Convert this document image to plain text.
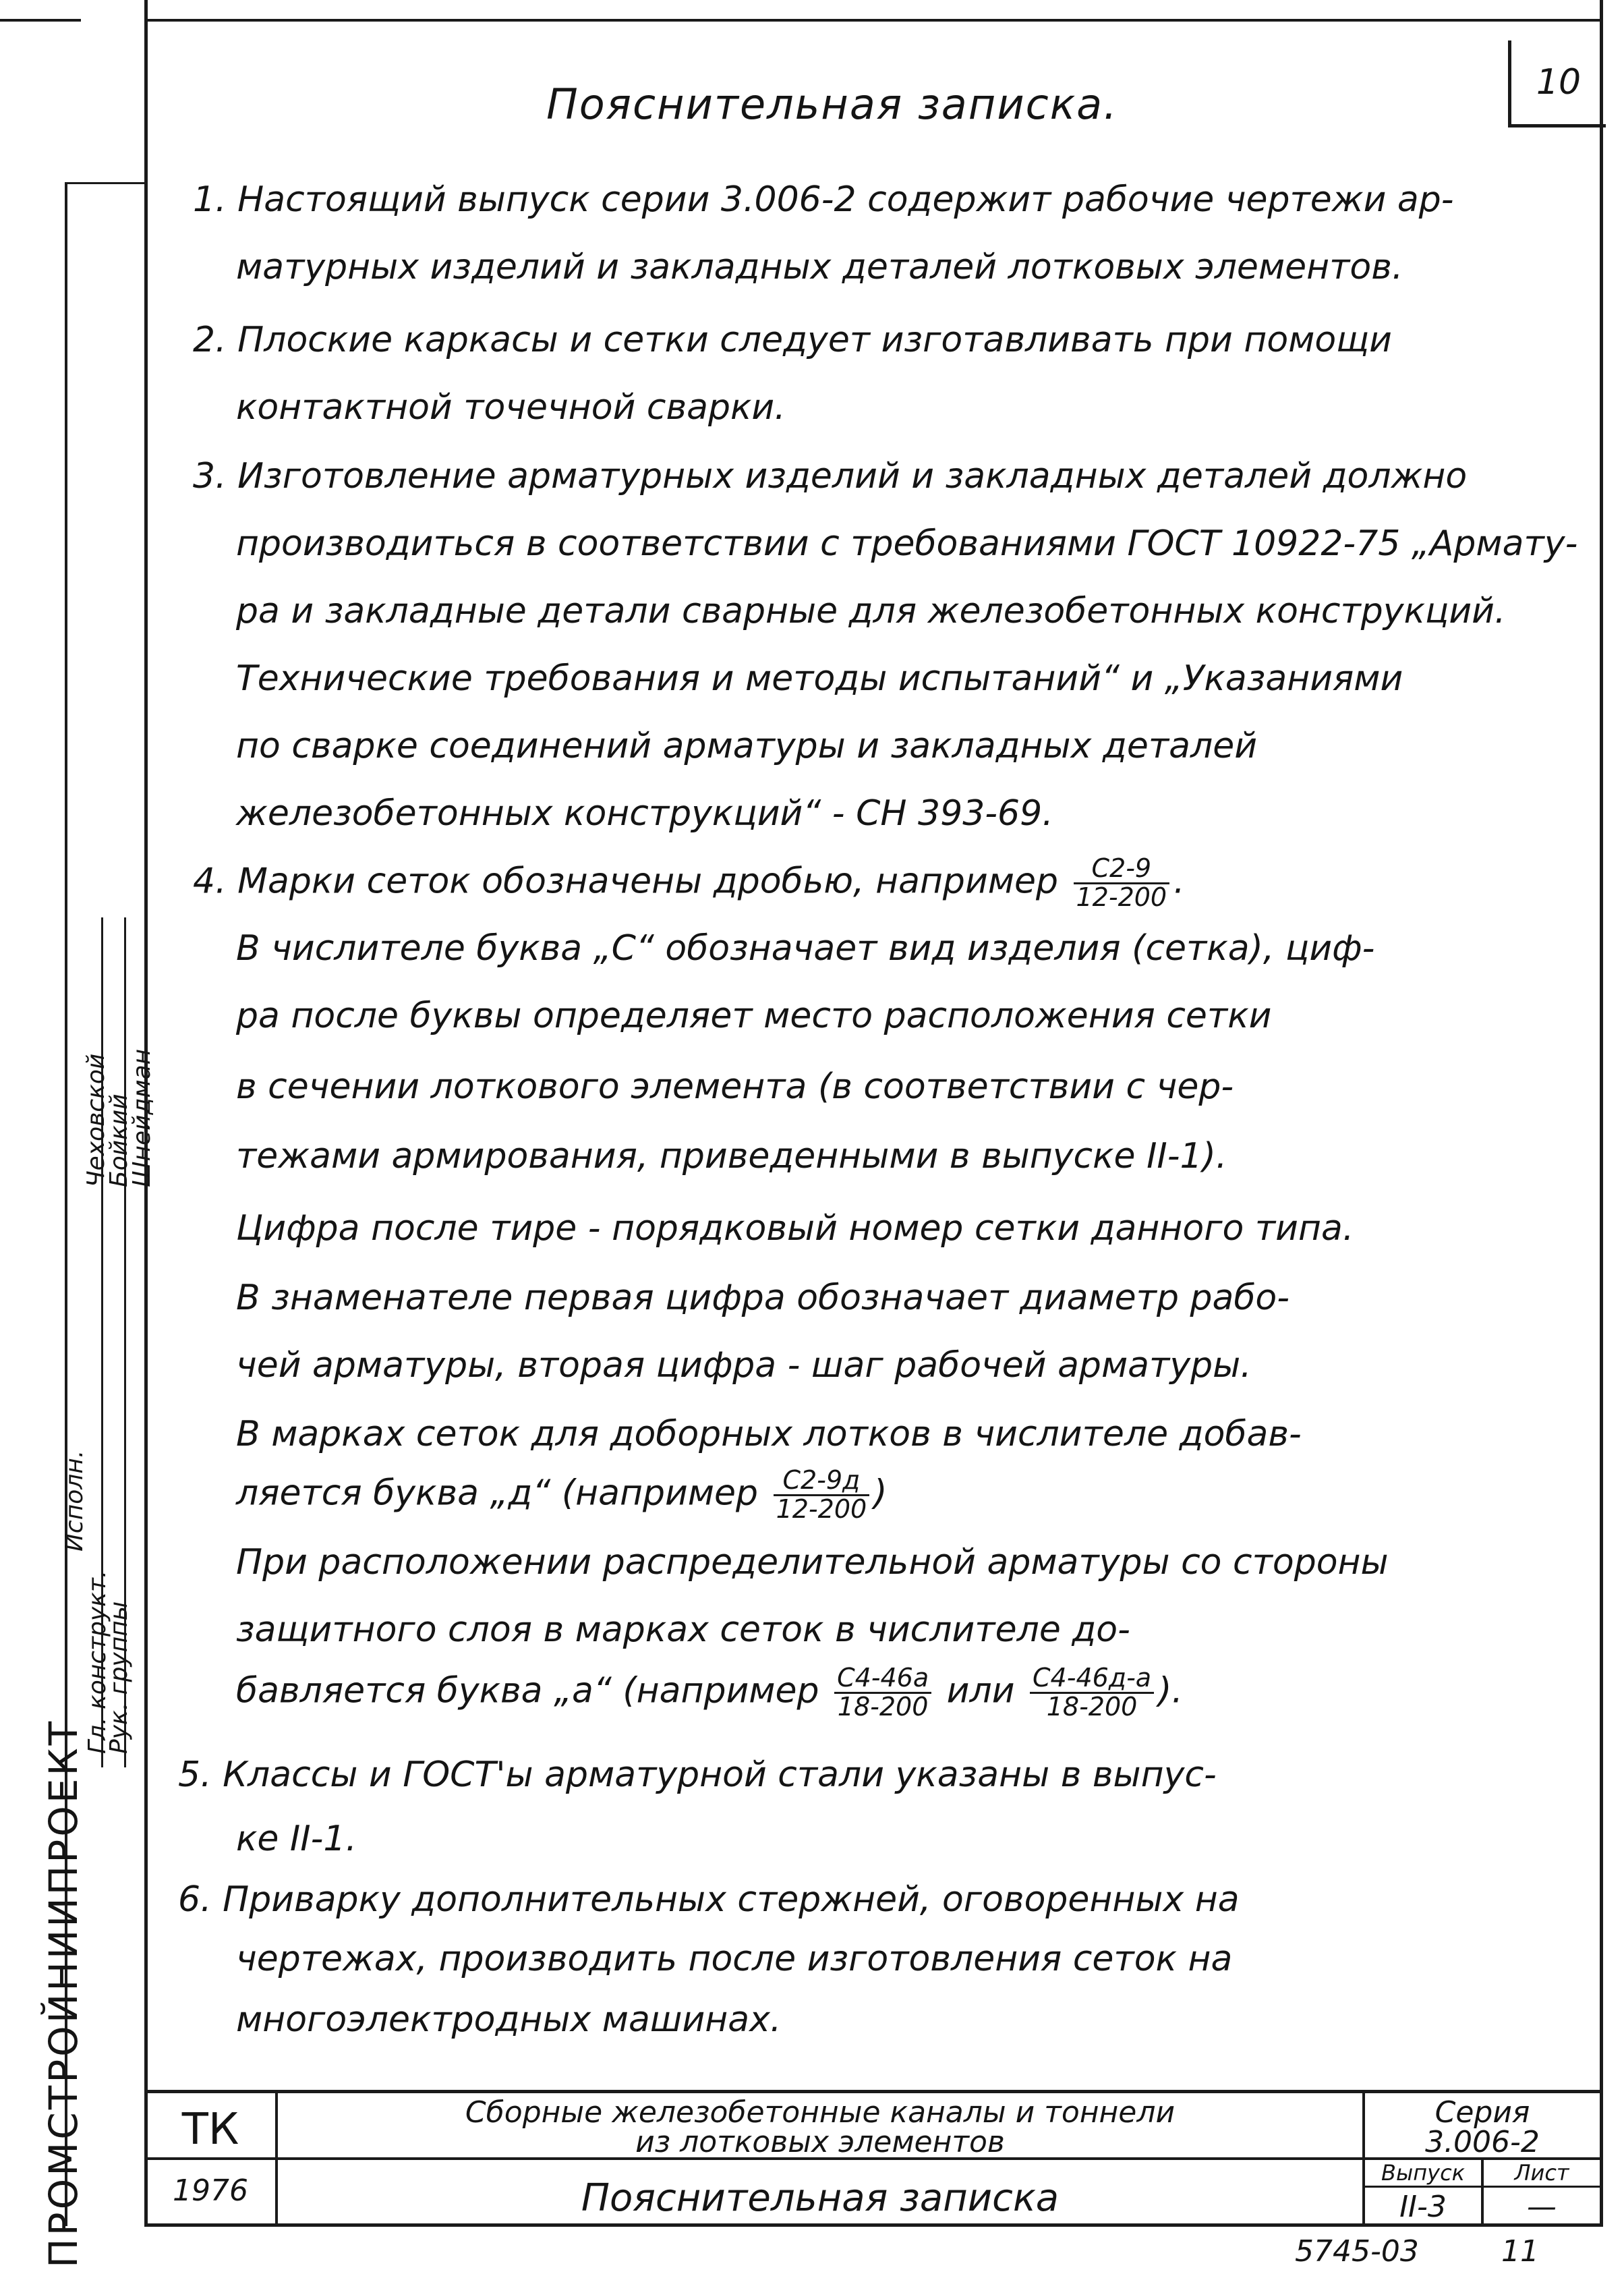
10
Пояснительная записка.
1. Настоящий выпуск серии 3.006-2 содержит рабочие чертежи ар-
матурных изделий и закладных деталей лотковых элементов.
2. Плоские каркасы и сетки следует изготавливать при помощи
контактной точечной сварки.
3. Изготовление арматурных изделий и закладных деталей должно
производиться в соответствии с требованиями ГОСТ 10922-75 „Армату-
ра и закладные детали сварные для железобетонных конструкций.
Технические требования и методы испытаний“ и „Указаниями
по сварке соединений арматуры и закладных деталей
железобетонных конструкций“ - СН 393-69.
4. Марки сеток обозначены дробью, например $\frac{С2-9}{12-200}$ .
В числителе буква „С“ обозначает вид изделия (сетка), циф-
ра после буквы определяет место расположения сетки
в сечении лоткового элемента (в соответствии с чер-
тежами армирования, приведенными в выпуске II-1).
Цифра после тире - порядковый номер сетки данного типа.
В знаменателе первая цифра обозначает диаметр рабо-
чей арматуры, вторая цифра - шаг рабочей арматуры.
В марках сеток для доборных лотков в числителе добав-
ляется буква „д“ (например $\frac{С2-9д}{12-200}$ )
При расположении распределительной арматуры со стороны
защитного слоя в марках сеток в числителе до-
бавляется буква „а“ (например $\frac{С4-46а}{18-200}$ или $\frac{С4-46д-а}{18-200}$ ).
5. Классы и ГОСТ'ы арматурной стали указаны в выпус-
ке II-1.
6. Приварку дополнительных стержней, оговоренных на
чертежах, производить после изготовления сеток на
многоэлектродных машинах.
ПРОМСТРОЙНИИПРОЕКТ
Рук. группы
Гл. конструкт.
Исполн.
Шнейдман
Бойкий
Чеховской
ТК
1976
Сборные железобетонные каналы и тоннели
из лотковых элементов
Пояснительная записка
Серия
3.006-2
Выпуск
II-3
Лист
—
5745-03	11
